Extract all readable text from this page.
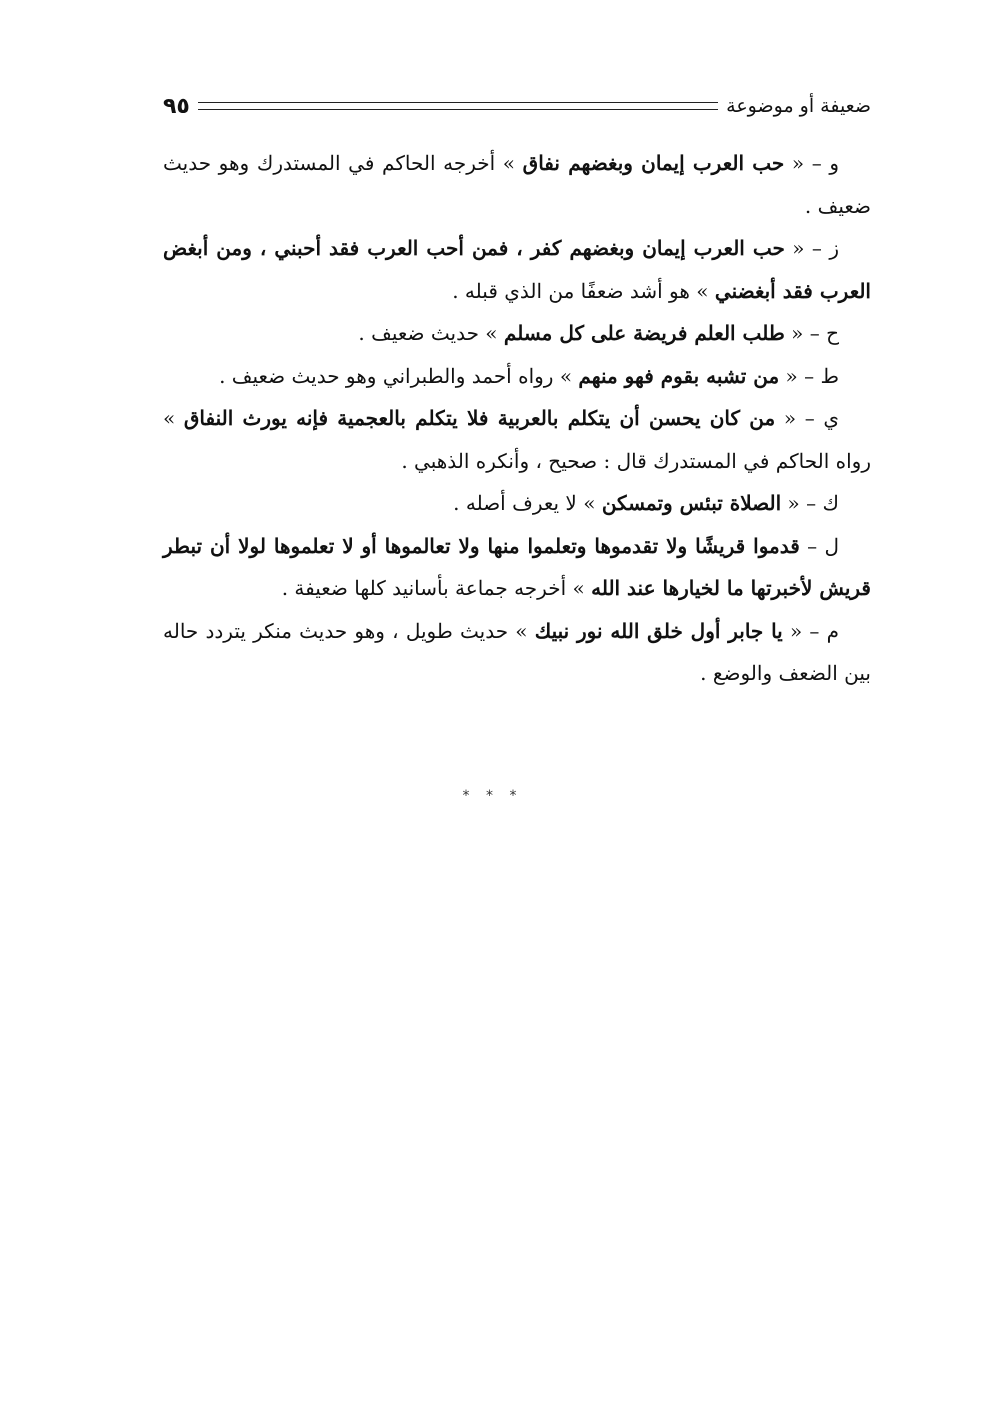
ضعيفة أو موضوعة
٩٥

و – « حب العرب إيمان وبغضهم نفاق » أخرجه الحاكم في المستدرك وهو حديث ضعيف .

ز – « حب العرب إيمان وبغضهم كفر ، فمن أحب العرب فقد أحبني ، ومن أبغض العرب فقد أبغضني » هو أشد ضعفًا من الذي قبله .

ح – « طلب العلم فريضة على كل مسلم » حديث ضعيف .

ط – « من تشبه بقوم فهو منهم » رواه أحمد والطبراني وهو حديث ضعيف .

ي – « من كان يحسن أن يتكلم بالعربية فلا يتكلم بالعجمية فإنه يورث النفاق » رواه الحاكم في المستدرك قال : صحيح ، وأنكره الذهبي .

ك – « الصلاة تبئس وتمسكن » لا يعرف أصله .

ل – قدموا قريشًا ولا تقدموها وتعلموا منها ولا تعالموها أو لا تعلموها لولا أن تبطر قريش لأخبرتها ما لخيارها عند الله » أخرجه جماعة بأسانيد كلها ضعيفة .

م – « يا جابر أول خلق الله نور نبيك » حديث طويل ، وهو حديث منكر يتردد حاله بين الضعف والوضع .

* * *
